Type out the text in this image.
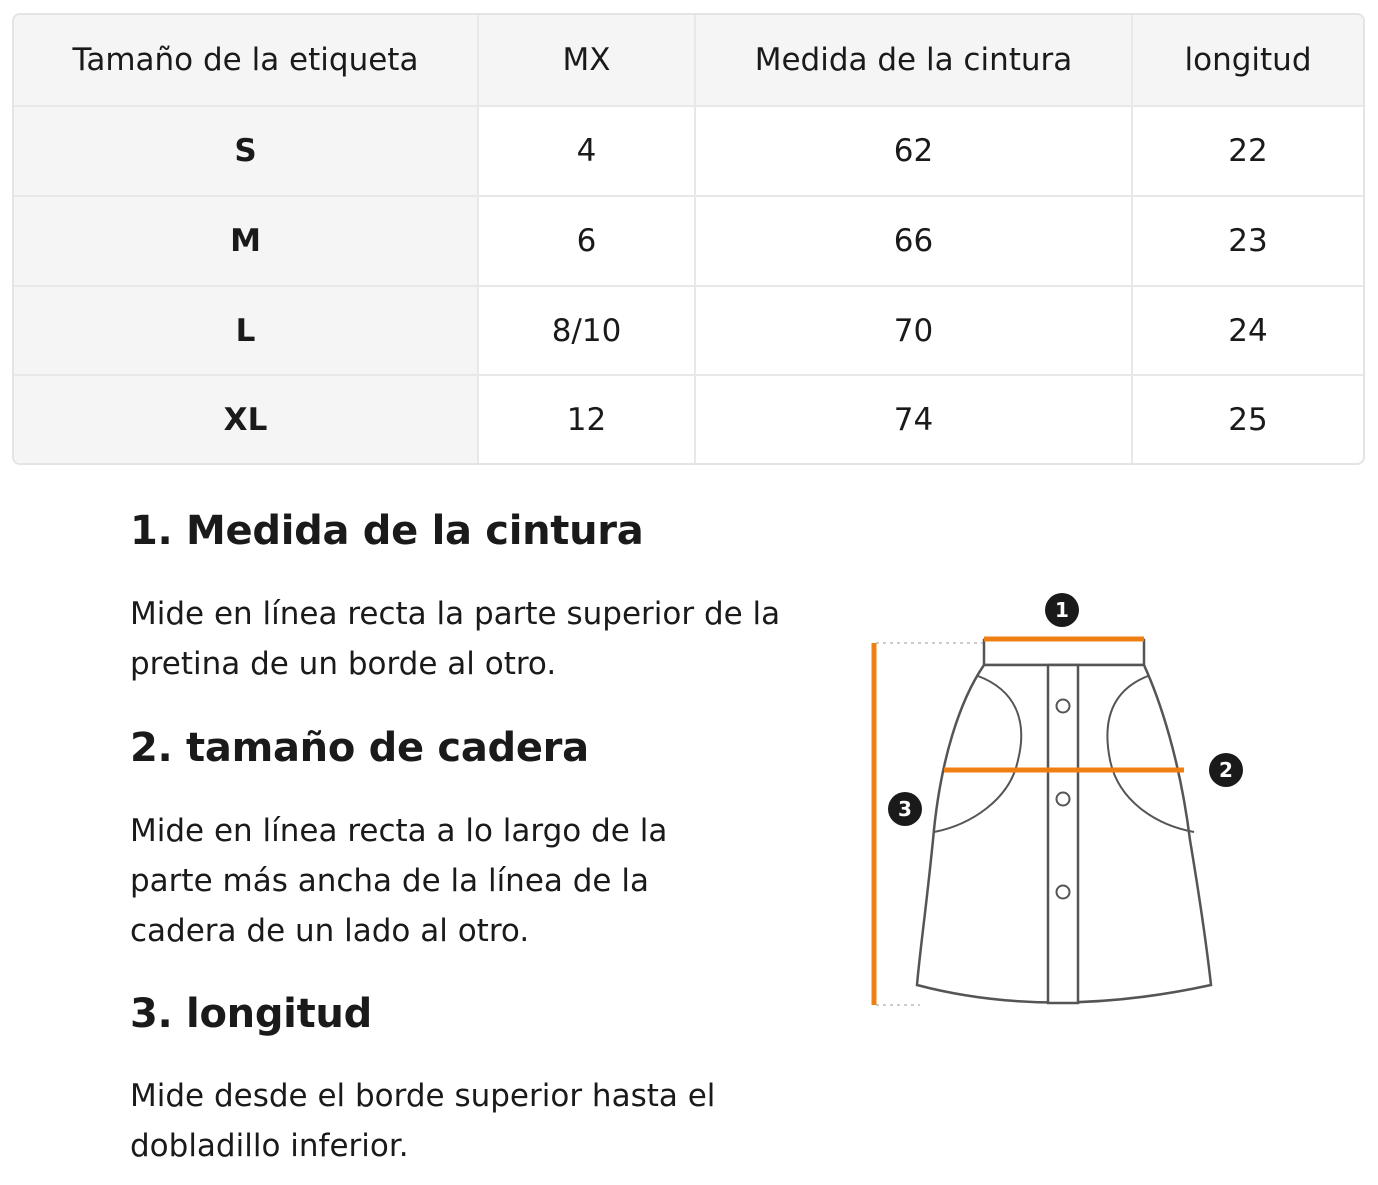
Tamaño de la etiqueta	MX	Medida de la cintura	longitud
S	4	62	22
M	6	66	23
L	8/10	70	24
XL	12	74	25
1. Medida de la cintura

Mide en línea recta la parte superior de la pretina de un borde al otro.

2. tamaño de cadera

Mide en línea recta a lo largo de la parte más ancha de la línea de la cadera de un lado al otro.

3. longitud

Mide desde el borde superior hasta el dobladillo inferior.

1
2
3
